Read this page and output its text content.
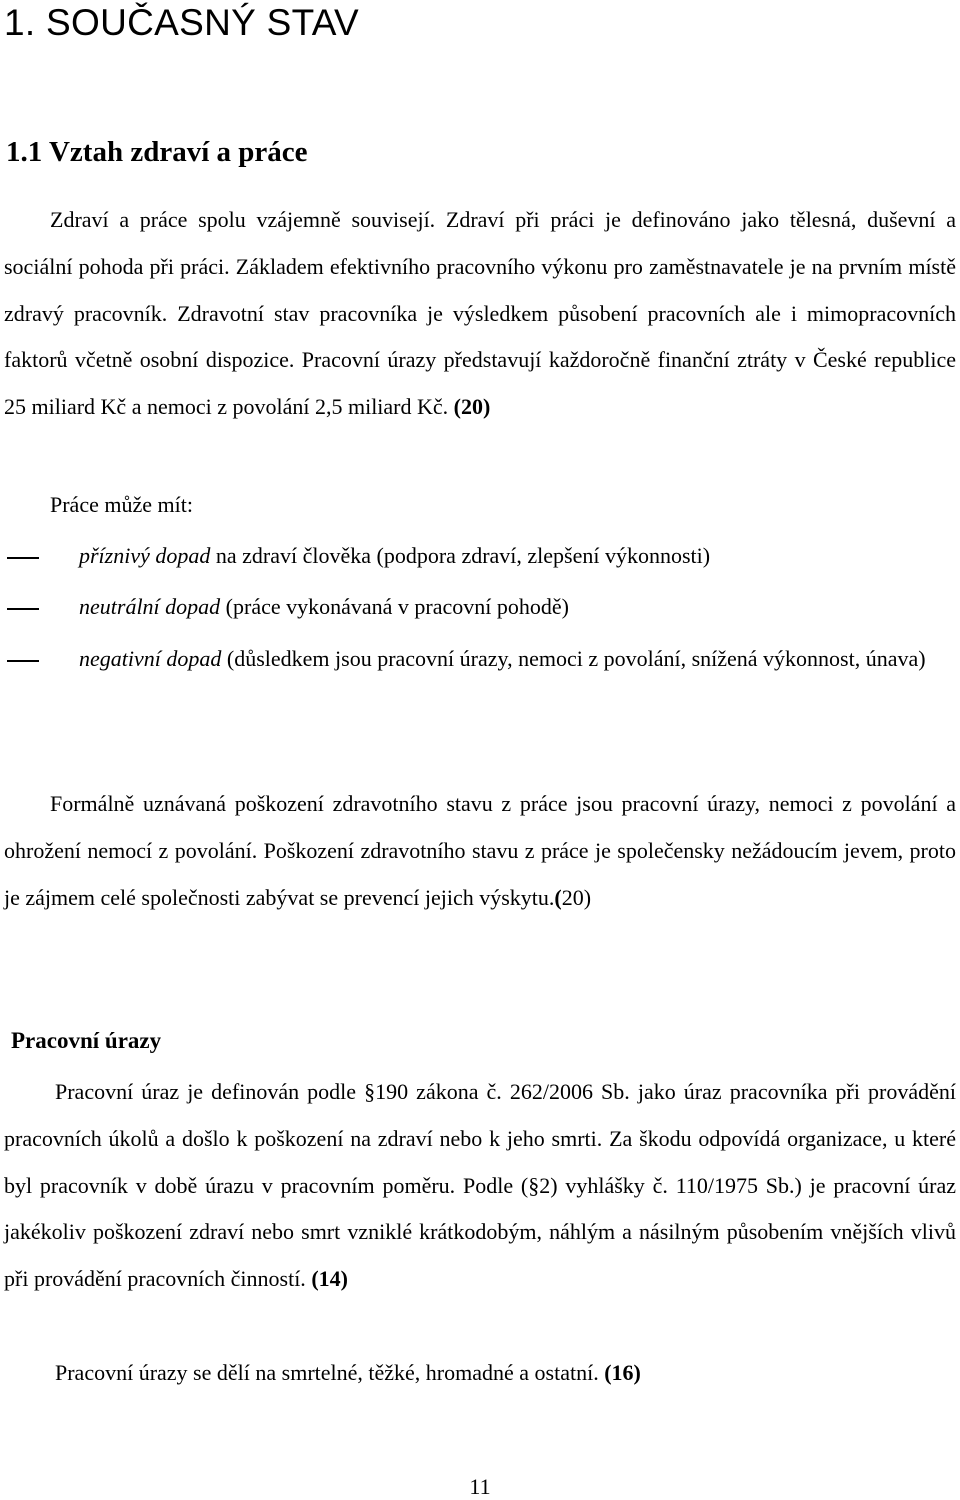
1. SOUČASNÝ STAV
1.1 Vztah zdraví a práce

Zdraví a práce spolu vzájemně souvisejí. Zdraví při práci je definováno jako tělesná, duševní a sociální pohoda při práci. Základem efektivního pracovního výkonu pro zaměstnavatele je na prvním místě zdravý pracovník. Zdravotní stav pracovníka je výsledkem působení pracovních ale i mimopracovních faktorů včetně osobní dispozice. Pracovní úrazy představují každoročně finanční ztráty v České republice 25 miliard Kč a nemoci z povolání 2,5 miliard Kč. (20)

Práce může mít:

příznivý dopad na zdraví člověka (podpora zdraví, zlepšení výkonnosti)
neutrální dopad (práce vykonávaná v pracovní pohodě)
negativní dopad (důsledkem jsou pracovní úrazy, nemoci z povolání, snížená výkonnost, únava)

Formálně uznávaná poškození zdravotního stavu z práce jsou pracovní úrazy, nemoci z povolání a ohrožení nemocí z povolání. Poškození zdravotního stavu z práce je společensky nežádoucím jevem, proto je zájmem celé společnosti zabývat se prevencí jejich výskytu.(20)

Pracovní úrazy

Pracovní úraz je definován podle §190 zákona č. 262/2006 Sb. jako úraz pracovníka při provádění pracovních úkolů a došlo k poškození na zdraví nebo k jeho smrti. Za škodu odpovídá organizace, u které byl pracovník v době úrazu v pracovním poměru. Podle (§2) vyhlášky č. 110/1975 Sb.) je pracovní úraz jakékoliv poškození zdraví nebo smrt vzniklé krátkodobým, náhlým a násilným působením vnějších vlivů při provádění pracovních činností. (14)

Pracovní úrazy se dělí na smrtelné, těžké, hromadné a ostatní. (16)

11
